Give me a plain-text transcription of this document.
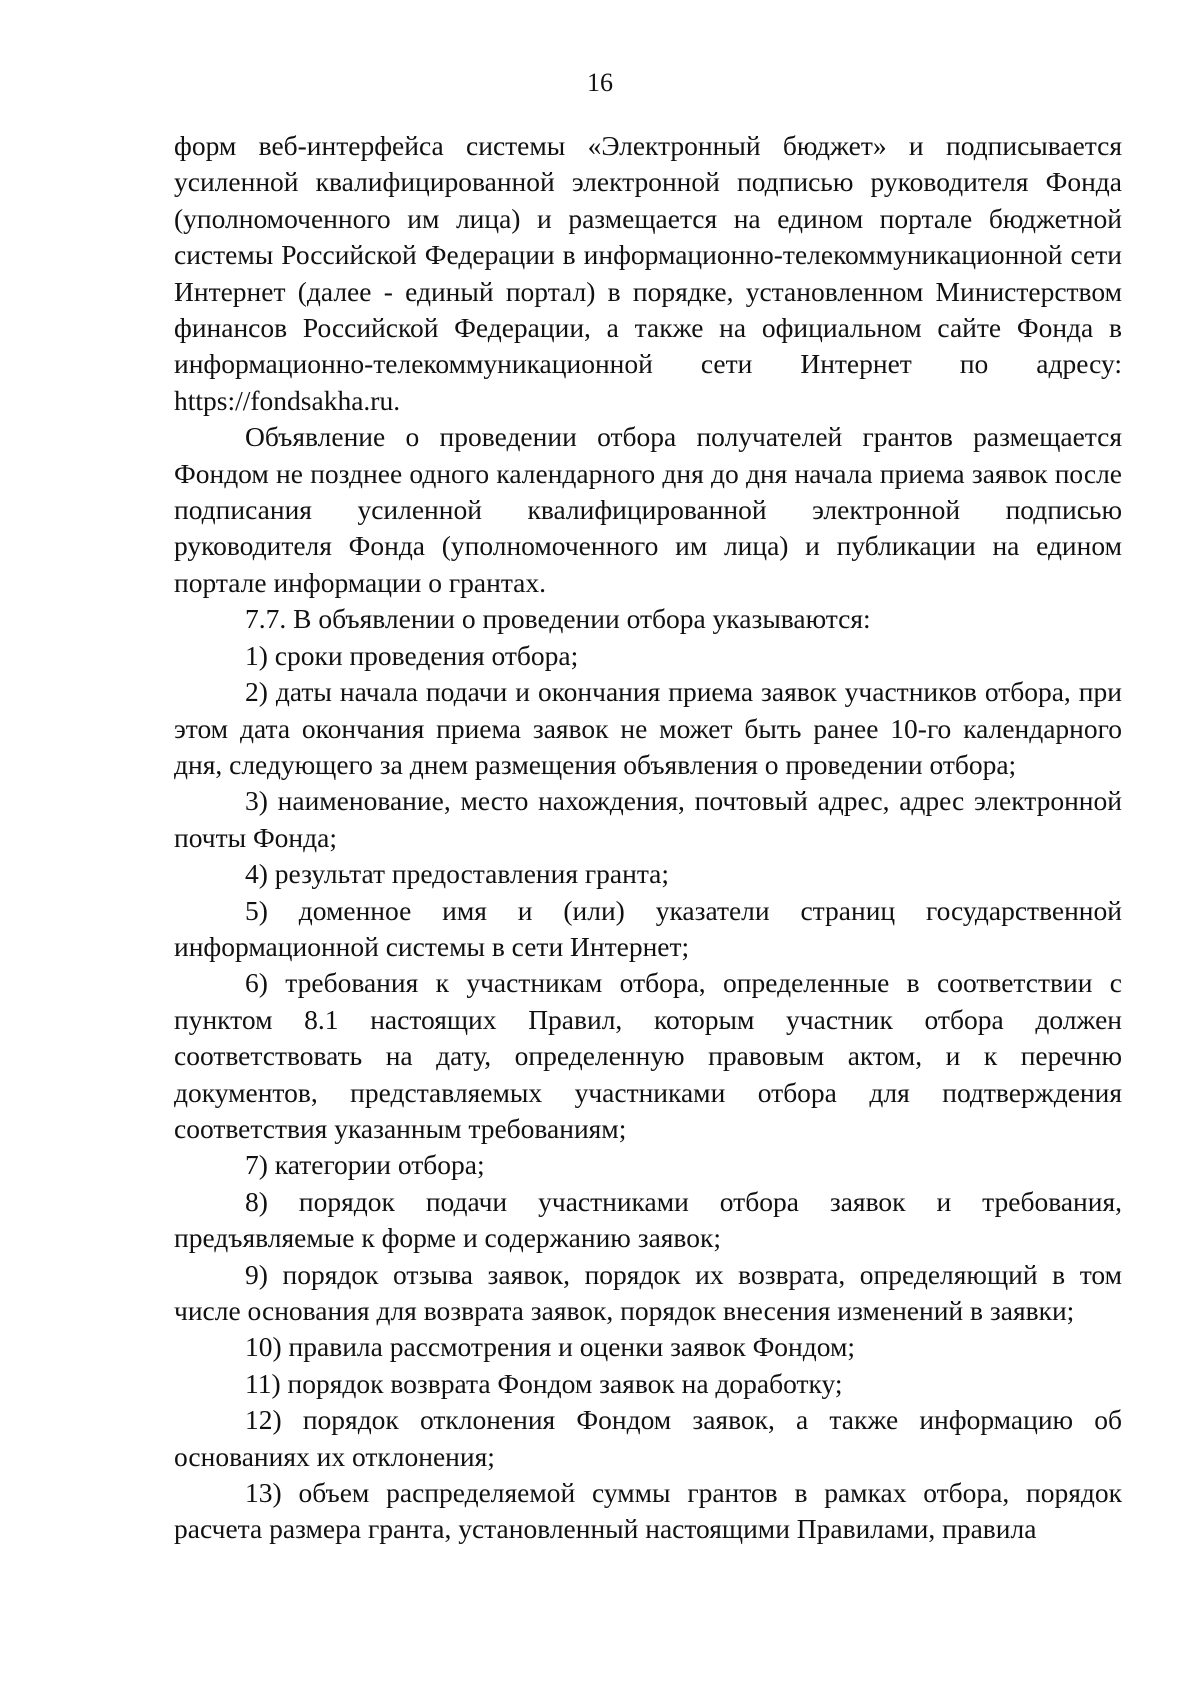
16

форм веб-интерфейса системы «Электронный бюджет» и подписывается усиленной квалифицированной электронной подписью руководителя Фонда (уполномоченного им лица) и размещается на едином портале бюджетной системы Российской Федерации в информационно-телекоммуникационной сети Интернет (далее - единый портал) в порядке, установленном Министерством финансов Российской Федерации, а также на официальном сайте Фонда в информационно-телекоммуникационной сети Интернет по адресу: https://fondsakha.ru.

Объявление о проведении отбора получателей грантов размещается Фондом не позднее одного календарного дня до дня начала приема заявок после подписания усиленной квалифицированной электронной подписью руководителя Фонда (уполномоченного им лица) и публикации на едином портале информации о грантах.

7.7. В объявлении о проведении отбора указываются:

1) сроки проведения отбора;

2) даты начала подачи и окончания приема заявок участников отбора, при этом дата окончания приема заявок не может быть ранее 10-го календарного дня, следующего за днем размещения объявления о проведении отбора;

3) наименование, место нахождения, почтовый адрес, адрес электронной почты Фонда;

4) результат предоставления гранта;

5) доменное имя и (или) указатели страниц государственной информационной системы в сети Интернет;

6) требования к участникам отбора, определенные в соответствии с пунктом 8.1 настоящих Правил, которым участник отбора должен соответствовать на дату, определенную правовым актом, и к перечню документов, представляемых участниками отбора для подтверждения соответствия указанным требованиям;

7) категории отбора;

8) порядок подачи участниками отбора заявок и требования, предъявляемые к форме и содержанию заявок;

9) порядок отзыва заявок, порядок их возврата, определяющий в том числе основания для возврата заявок, порядок внесения изменений в заявки;

10) правила рассмотрения и оценки заявок Фондом;

11) порядок возврата Фондом заявок на доработку;

12) порядок отклонения Фондом заявок, а также информацию об основаниях их отклонения;

13) объем распределяемой суммы грантов в рамках отбора, порядок расчета размера гранта, установленный настоящими Правилами, правила
